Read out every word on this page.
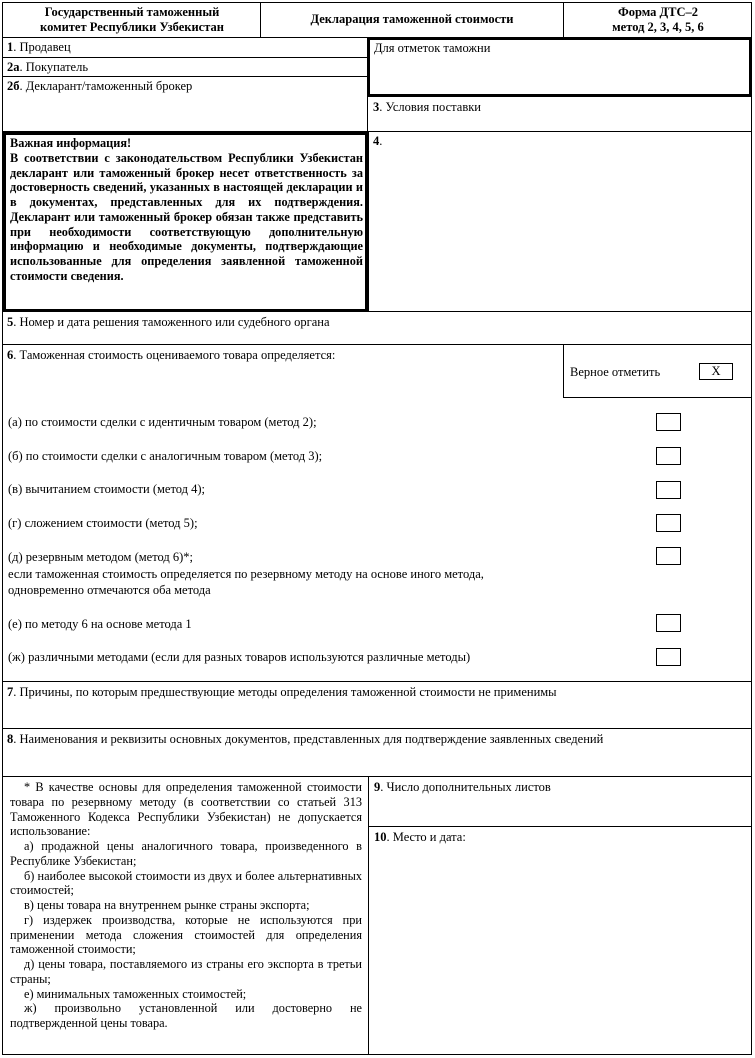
Государственный таможенный комитет Республики Узбекистан
Декларация таможенной стоимости	Форма ДТС–2
метод 2, 3, 4, 5, 6
1. Продавец
2а. Покупатель
2б. Декларант/таможенный брокер
Для отметок таможни
3. Условия поставки
Важная информация!
В соответствии с законодательством Республики Узбекистан декларант или таможенный брокер несет ответственность за достоверность сведений, указанных в настоящей декларации и в документах, представленных для их подтверждения. Декларант или таможенный брокер обязан также представить при необходимости соответствующую дополнительную информацию и необходимые документы, подтверждающие использованные для определения заявленной таможенной стоимости сведения.
4.
5. Номер и дата решения таможенного или судебного органа
6. Таможенная стоимость оцениваемого товара определяется:
Верное отметить	X
(а) по стоимости сделки с идентичным товаром (метод 2);
(б) по стоимости сделки с аналогичным товаром (метод 3);
(в) вычитанием стоимости (метод 4);
(г) сложением стоимости (метод 5);
(д) резервным методом (метод 6)*;
если таможенная стоимость определяется по резервному методу на основе иного метода,
одновременно отмечаются оба метода
(е) по методу 6 на основе метода 1
(ж) различными методами (если для разных товаров используются различные методы)
7. Причины, по которым предшествующие методы определения таможенной стоимости не применимы
8. Наименования и реквизиты основных документов, представленных для подтверждение заявленных сведений
* В качестве основы для определения таможенной стоимости товара по резервному методу (в соответствии со статьей 313 Таможенного Кодекса Республики Узбекистан) не допускается использование:
а) продажной цены аналогичного товара, произведенного в Республике Узбекистан;
б) наиболее высокой стоимости из двух и более альтернативных стоимостей;
в) цены товара на внутреннем рынке страны экспорта;
г) издержек производства, которые не используются при применении метода сложения стоимостей для определения таможенной стоимости;
д) цены товара, поставляемого из страны его экспорта в третьи страны;
е) минимальных таможенных стоимостей;
ж) произвольно установленной или достоверно не подтвержденной цены товара.
9. Число дополнительных листов
10. Место и дата:
